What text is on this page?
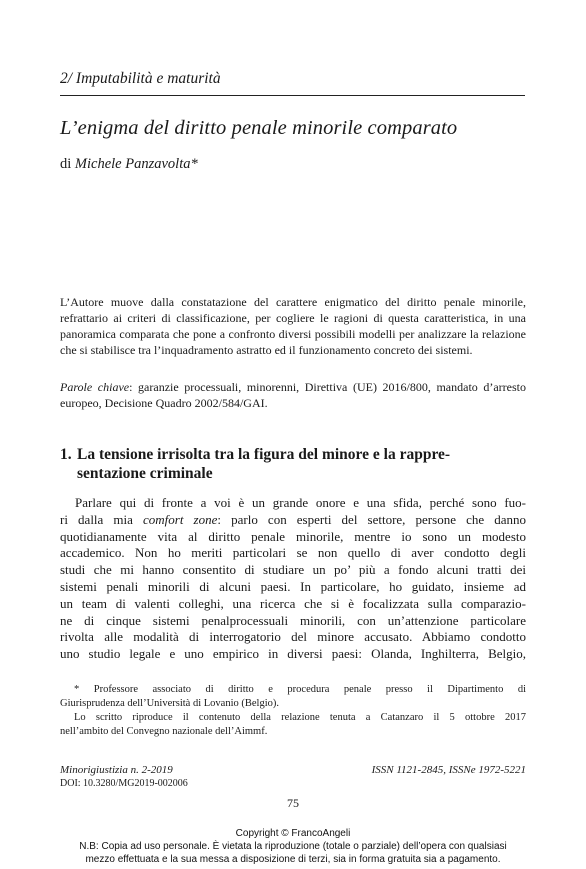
2/ Imputabilità e maturità
L’enigma del diritto penale minorile comparato
di Michele Panzavolta*
L’Autore muove dalla constatazione del carattere enigmatico del diritto penale minorile, refrattario ai criteri di classificazione, per cogliere le ragioni di questa caratteristica, in una panoramica comparata che pone a confronto diversi possibili modelli per analizzare la relazione che si stabilisce tra l’inquadramento astratto ed il funzionamento concreto dei sistemi.
Parole chiave: garanzie processuali, minorenni, Direttiva (UE) 2016/800, mandato d’arresto europeo, Decisione Quadro 2002/584/GAI.
1. La tensione irrisolta tra la figura del minore e la rappre-
sentazione criminale
Parlare qui di fronte a voi è un grande onore e una sfida, perché sono fuo-
ri dalla mia comfort zone: parlo con esperti del settore, persone che danno
quotidianamente vita al diritto penale minorile, mentre io sono un modesto
accademico. Non ho meriti particolari se non quello di aver condotto degli
studi che mi hanno consentito di studiare un po’ più a fondo alcuni tratti dei
sistemi penali minorili di alcuni paesi. In particolare, ho guidato, insieme ad
un team di valenti colleghi, una ricerca che si è focalizzata sulla comparazio-
ne di cinque sistemi penalprocessuali minorili, con un’attenzione particolare
rivolta alle modalità di interrogatorio del minore accusato. Abbiamo condotto
uno studio legale e uno empirico in diversi paesi: Olanda, Inghilterra, Belgio,
* Professore associato di diritto e procedura penale presso il Dipartimento di
Giurisprudenza dell’Università di Lovanio (Belgio).
Lo scritto riproduce il contenuto della relazione tenuta a Catanzaro il 5 ottobre 2017
nell’ambito del Convegno nazionale dell’Aimmf.
Minorigiustizia n. 2-2019
DOI: 10.3280/MG2019-002006
ISSN 1121-2845, ISSNe 1972-5221
75
Copyright © FrancoAngeli
N.B: Copia ad uso personale. È vietata la riproduzione (totale o parziale) dell’opera con qualsiasi
mezzo effettuata e la sua messa a disposizione di terzi, sia in forma gratuita sia a pagamento.
